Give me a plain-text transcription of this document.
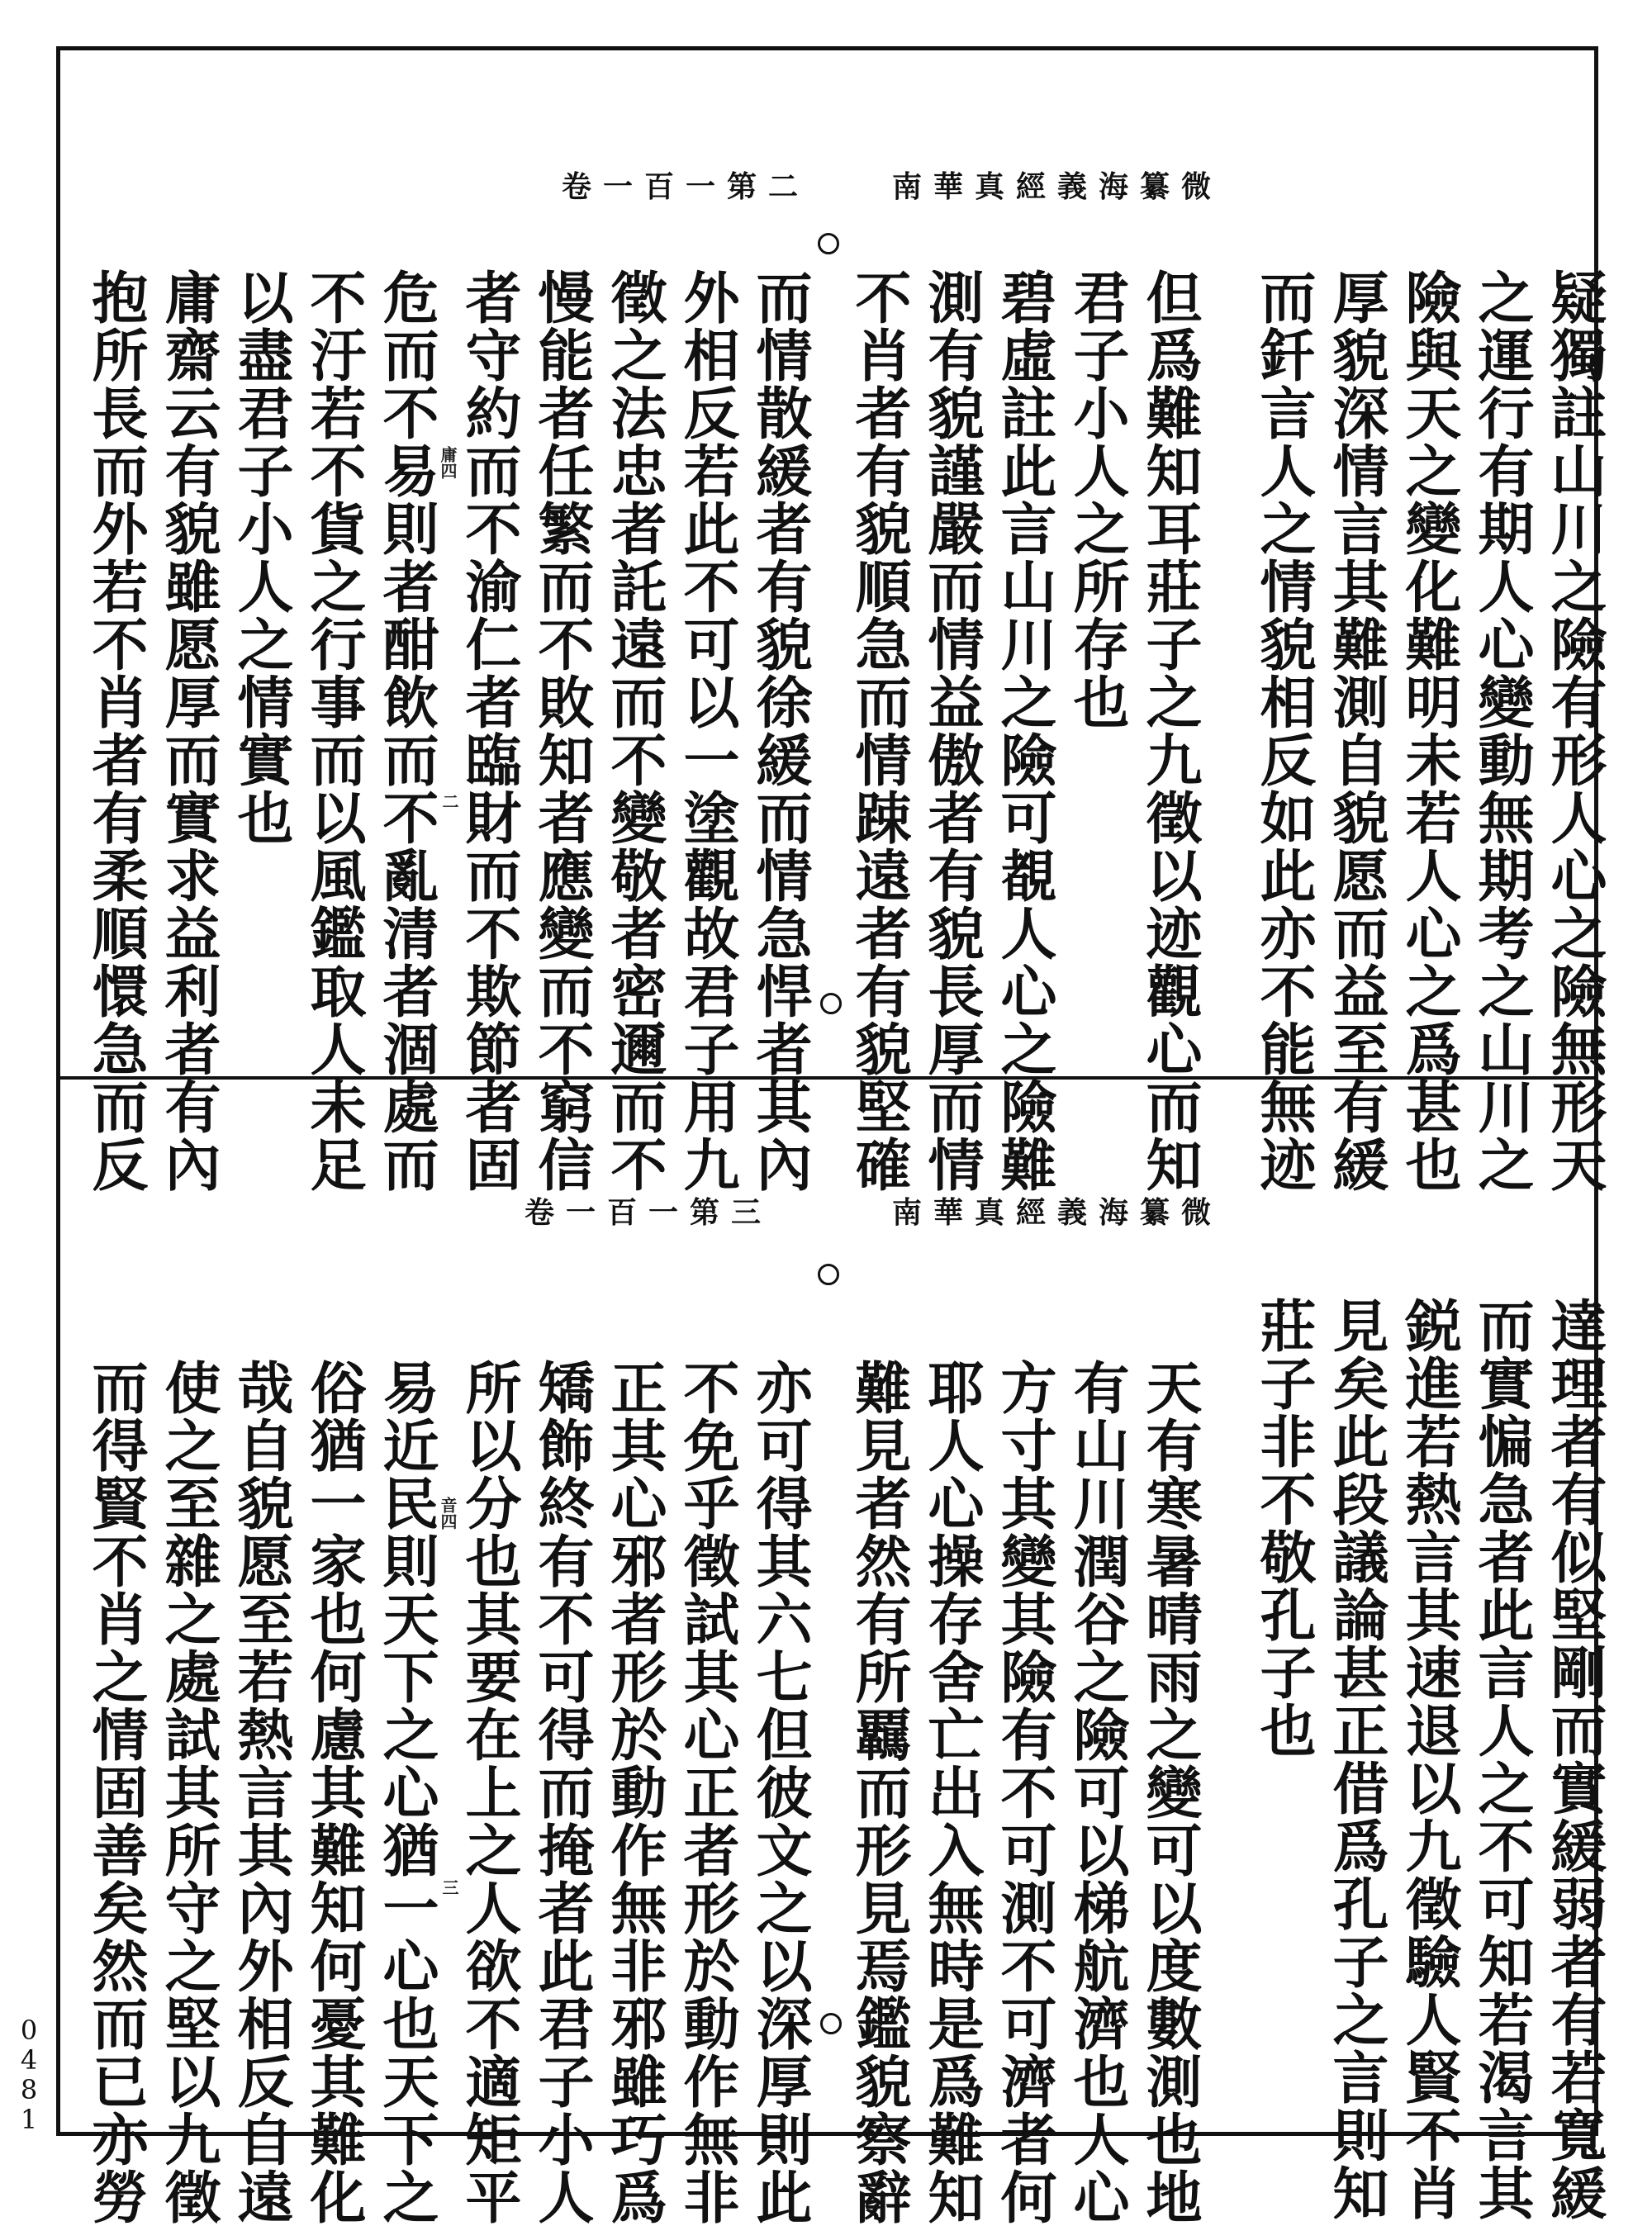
卷一百一第二	南華真經義海纂微
疑獨註山川之險有形人心之險無形天
之運行有期人心變動無期考之山川之
險與天之變化難明未若人心之爲甚也
厚貌深情言其難測自貌愿而益至有緩
而釺言人之情貌相反如此亦不能無迹
但爲難知耳莊子之九徵以迹觀心而知
君子小人之所存也
碧虛註此言山川之險可覩人心之險難
測有貌謹嚴而情益傲者有貌長厚而情
不肖者有貌順急而情踈遠者有貌堅確
而情散緩者有貌徐緩而情急悍者其內
外相反若此不可以一塗觀故君子用九
徵之法忠者託遠而不變敬者密邇而不
慢能者任繁而不敗知者應變而不窮信
者守約而不渝仁者臨財而不欺節者固
危而不易則者酣飲而不亂清者涸處而
不汙若不貨之行事而以風鑑取人未足
以盡君子小人之情實也
庸齋云有貌雖愿厚而實求益利者有內
抱所長而外若不肖者有柔順懁急而反	庸四
二
卷一百一第三	南華真經義海纂微
達理者有似堅剛而實緩弱者有若寬緩
而實惼急者此言人之不可知若渴言其
鋭進若熱言其速退以九徵驗人賢不肖
見矣此段議論甚正借爲孔子之言則知
莊子非不敬孔子也
天有寒暑晴雨之變可以度數測也地
有山川潤谷之險可以梯航濟也人心
方寸其變其險有不可測不可濟者何
耶人心操存舍亡出入無時是爲難知
難見者然有所覊而形見焉鑑貌察辭
亦可得其六七但彼文之以深厚則此
不免乎徵試其心正者形於動作無非
正其心邪者形於動作無非邪雖巧爲
矯飾終有不可得而掩者此君子小人
所以分也其要在上之人欲不適矩平
易近民則天下之心猶一心也天下之
俗猶一家也何慮其難知何憂其難化
哉自貌愿至若熱言其內外相反自遠
使之至雜之處試其所守之堅以九徵
而得賢不肖之情固善矣然而已亦勞	音四
三
0
4
8
1
